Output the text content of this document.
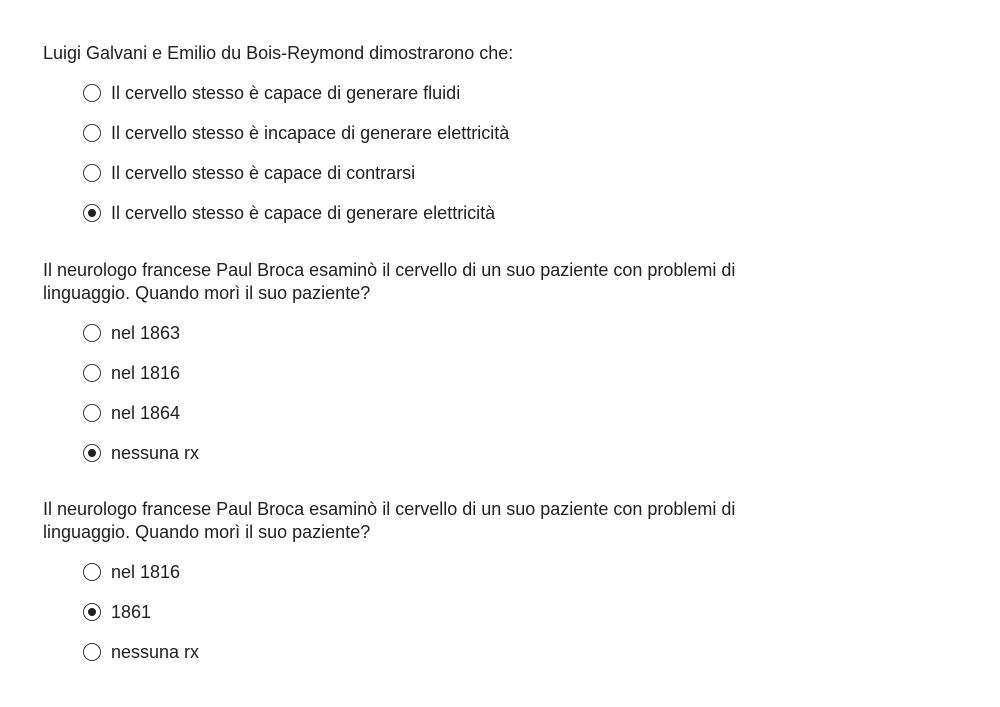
Luigi Galvani e Emilio du Bois-Reymond dimostrarono che:

Il cervello stesso è capace di generare fluidi
Il cervello stesso è incapace di generare elettricità
Il cervello stesso è capace di contrarsi
Il cervello stesso è capace di generare elettricità

Il neurologo francese Paul Broca esaminò il cervello di un suo paziente con problemi di linguaggio. Quando morì il suo paziente?

nel 1863
nel 1816
nel 1864
nessuna rx

Il neurologo francese Paul Broca esaminò il cervello di un suo paziente con problemi di linguaggio. Quando morì il suo paziente?

nel 1816
1861
nessuna rx
